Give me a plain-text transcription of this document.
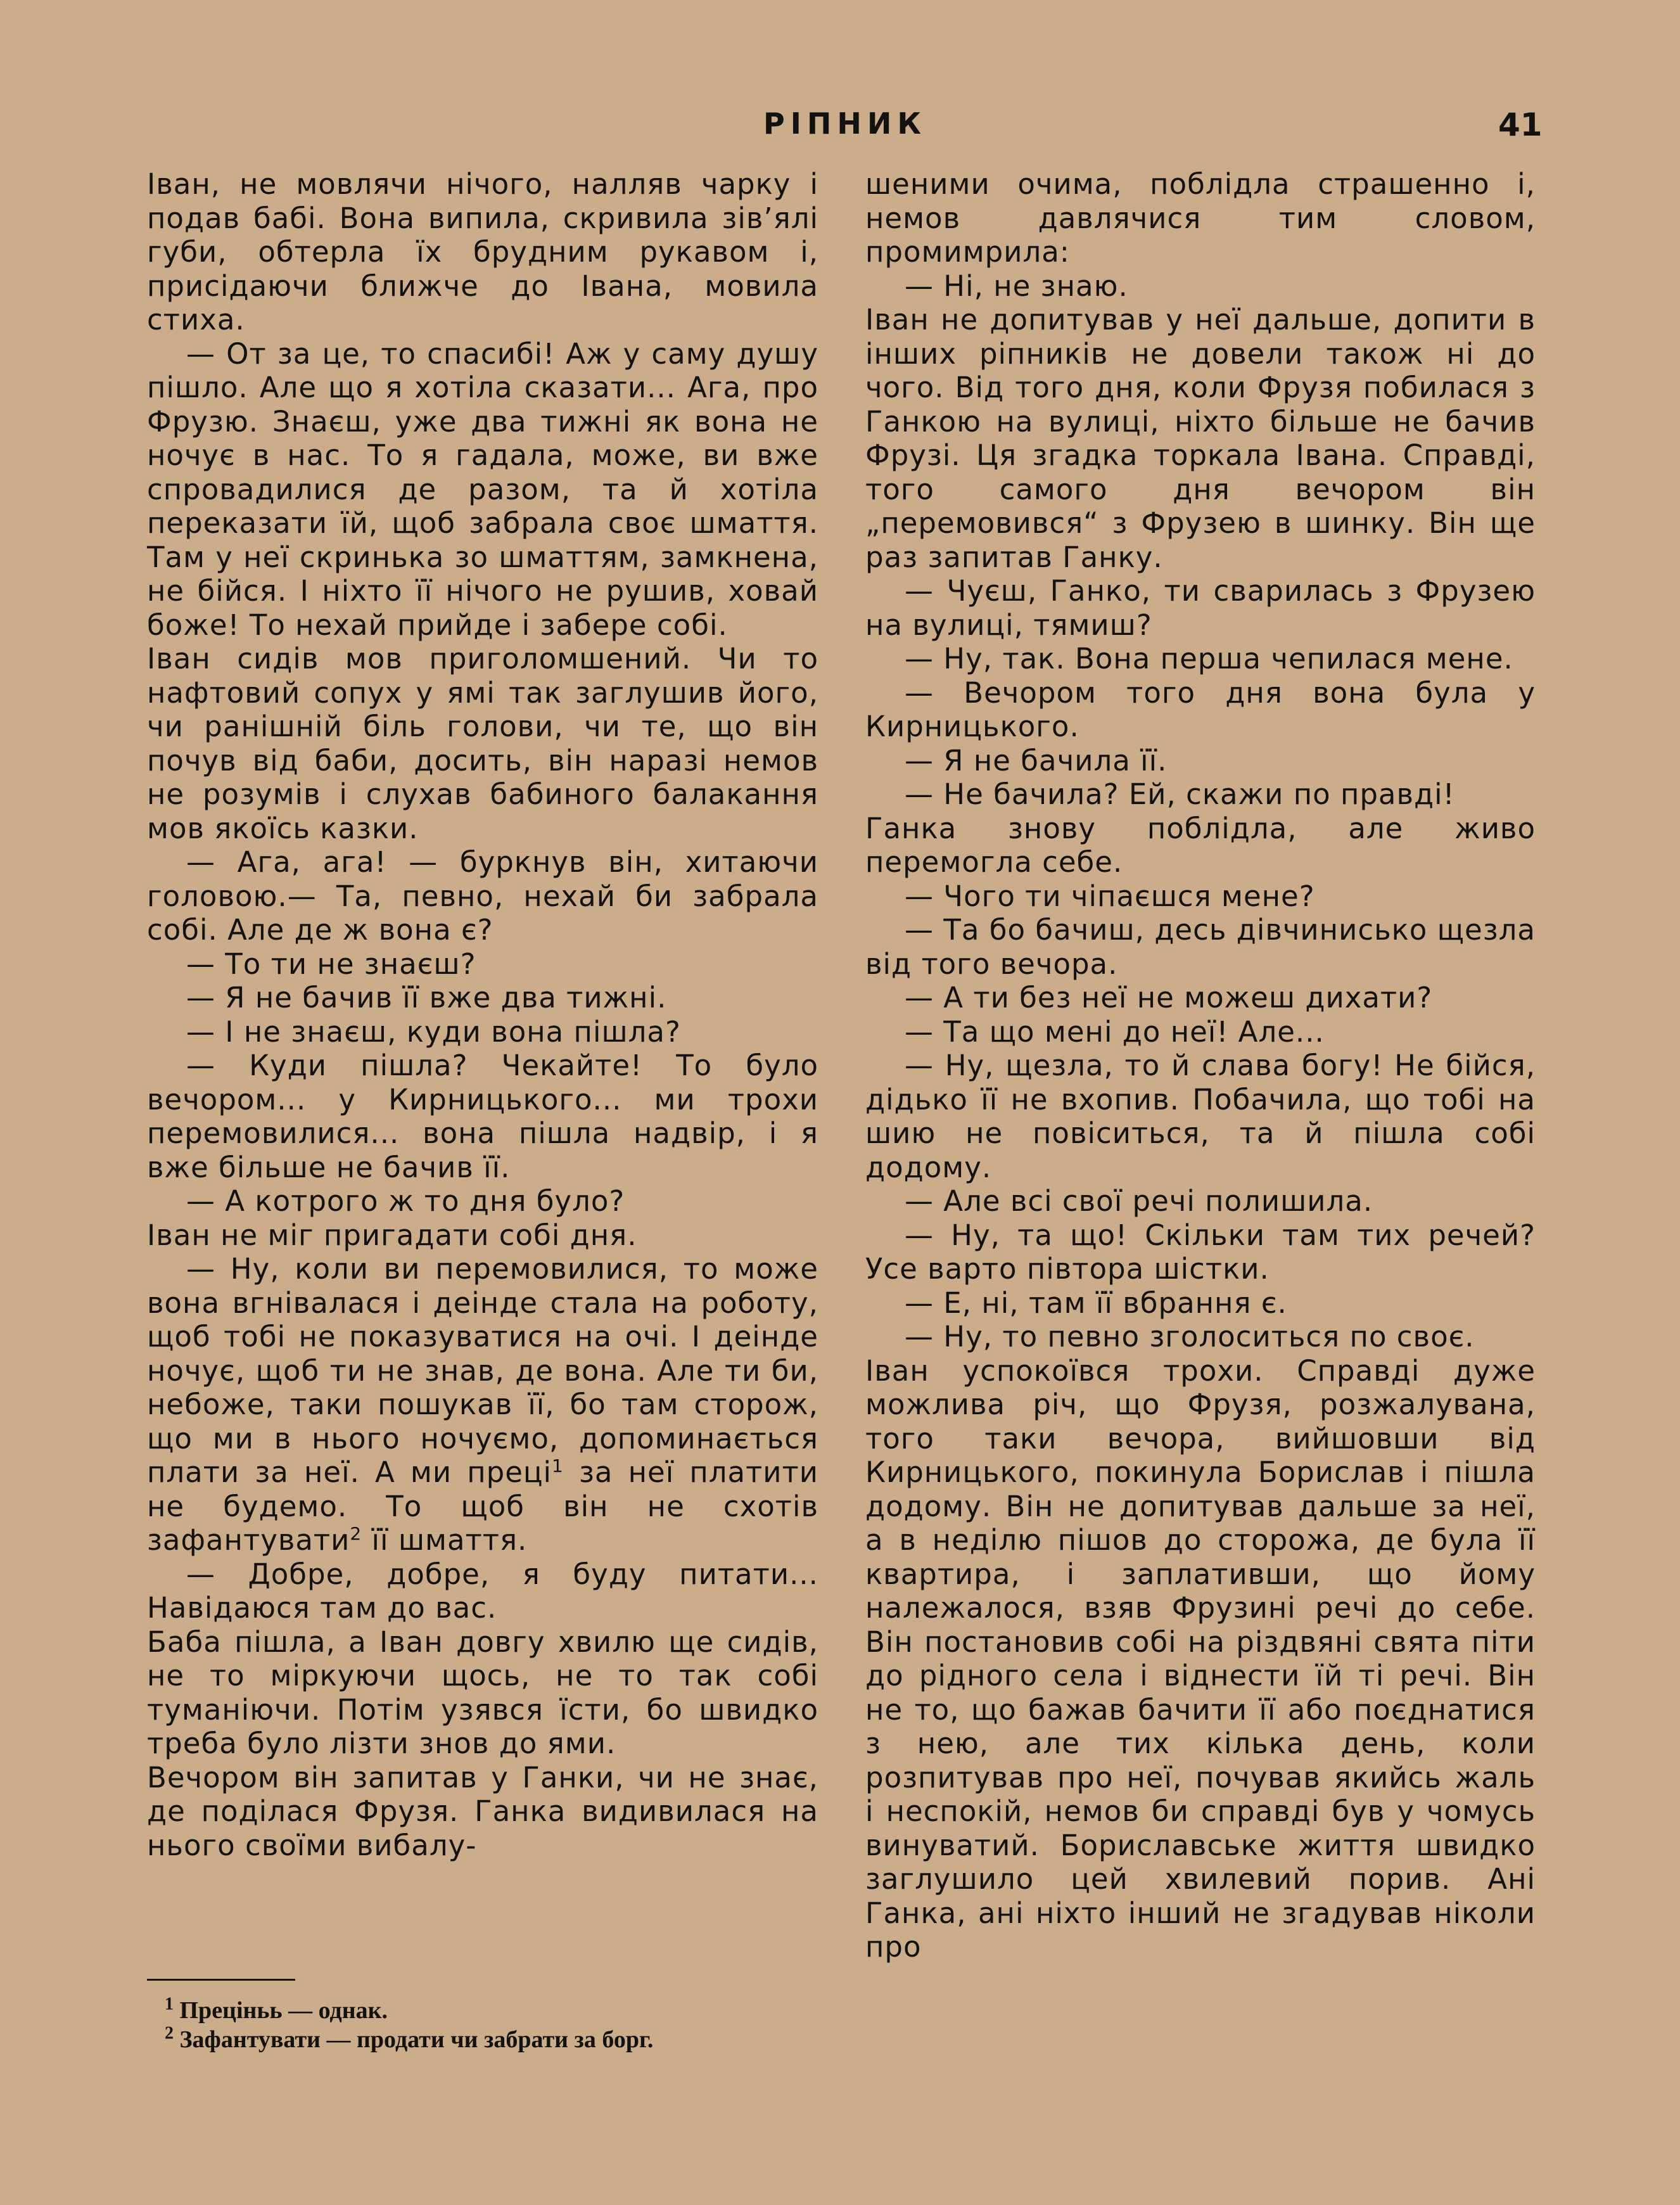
РІПНИК	41

Іван, не мовлячи нічого, налляв чарку і подав бабі. Вона випила, скривила зів’ялі губи, обтерла їх брудним рукавом і, присідаючи ближче до Івана, мовила стиха.

— От за це, то спасибі! Аж у саму душу пішло. Але що я хотіла сказати... Ага, про Фрузю. Знаєш, уже два тижні як вона не ночує в нас. То я гадала, може, ви вже спровадилися де разом, та й хотіла переказати їй, щоб забрала своє шмаття. Там у неї скринька зо шматтям, замкнена, не бійся. І ніхто її нічого не рушив, ховай боже! То нехай прийде і забере собі.

Іван сидів мов приголомшений. Чи то нафтовий сопух у ямі так заглушив його, чи ранішній біль голови, чи те, що він почув від баби, досить, він наразі немов не розумів і слухав бабиного балакання мов якоїсь казки.

— Ага, ага! — буркнув він, хитаючи головою.— Та, певно, нехай би забрала собі. Але де ж вона є?

— То ти не знаєш?

— Я не бачив її вже два тижні.

— І не знаєш, куди вона пішла?

— Куди пішла? Чекайте! То було вечором... у Кирницького... ми трохи перемовилися... вона пішла надвір, і я вже більше не бачив її.

— А котрого ж то дня було?

Іван не міг пригадати собі дня.

— Ну, коли ви перемовилися, то може вона вгнівалася і деінде стала на роботу, щоб тобі не показуватися на очі. І деінде ночує, щоб ти не знав, де вона. Але ти би, небоже, таки пошукав її, бо там сторож, що ми в нього ночуємо, допоминається плати за неї. А ми преці$^1$ за неї платити не будемо. То щоб він не схотів зафантувати$^2$ її шмаття.

— Добре, добре, я буду питати... Навідаюся там до вас.

Баба пішла, а Іван довгу хвилю ще сидів, не то міркуючи щось, не то так собі туманіючи. Потім узявся їсти, бо швидко треба було лізти знов до ями.

Вечором він запитав у Ганки, чи не знає, де поділася Фрузя. Ганка видивилася на нього своїми вибалу-

шеними очима, поблідла страшенно і, немов давлячися тим словом, промимрила:

— Ні, не знаю.

Іван не допитував у неї дальше, допити в інших ріпників не довели також ні до чого. Від того дня, коли Фрузя побилася з Ганкою на вулиці, ніхто більше не бачив Фрузі. Ця згадка торкала Івана. Справді, того самого дня вечором він „перемовився“ з Фрузею в шинку. Він ще раз запитав Ганку.

— Чуєш, Ганко, ти сварилась з Фрузею на вулиці, тямиш?

— Ну, так. Вона перша чепилася мене.

— Вечором того дня вона була у Кирницького.

— Я не бачила її.

— Не бачила? Ей, скажи по правді!

Ганка знову поблідла, але живо перемогла себе.

— Чого ти чіпаєшся мене?

— Та бо бачиш, десь дівчинисько щезла від того вечора.

— А ти без неї не можеш дихати?

— Та що мені до неї! Але...

— Ну, щезла, то й слава богу! Не бійся, дідько її не вхопив. Побачила, що тобі на шию не повіситься, та й пішла собі додому.

— Але всі свої речі полишила.

— Ну, та що! Скільки там тих речей? Усе варто півтора шістки.

— Е, ні, там її вбрання є.

— Ну, то певно зголоситься по своє.

Іван успокоївся трохи. Справді дуже можлива річ, що Фрузя, розжалувана, того таки вечора, вийшовши від Кирницького, покинула Борислав і пішла додому. Він не допитував дальше за неї, а в неділю пішов до сторожа, де була її квартира, і заплативши, що йому належалося, взяв Фрузині речі до себе. Він постановив собі на різдвяні свята піти до рідного села і віднести їй ті речі. Він не то, що бажав бачити її або поєднатися з нею, але тих кілька день, коли розпитував про неї, почував якийсь жаль і неспокій, немов би справді був у чомусь винуватий. Бориславське життя швидко заглушило цей хвилевий порив. Ані Ганка, ані ніхто інший не згадував ніколи про

$^1$ Преціньь — однак.

$^2$ Зафантувати — продати чи забрати за борг.
